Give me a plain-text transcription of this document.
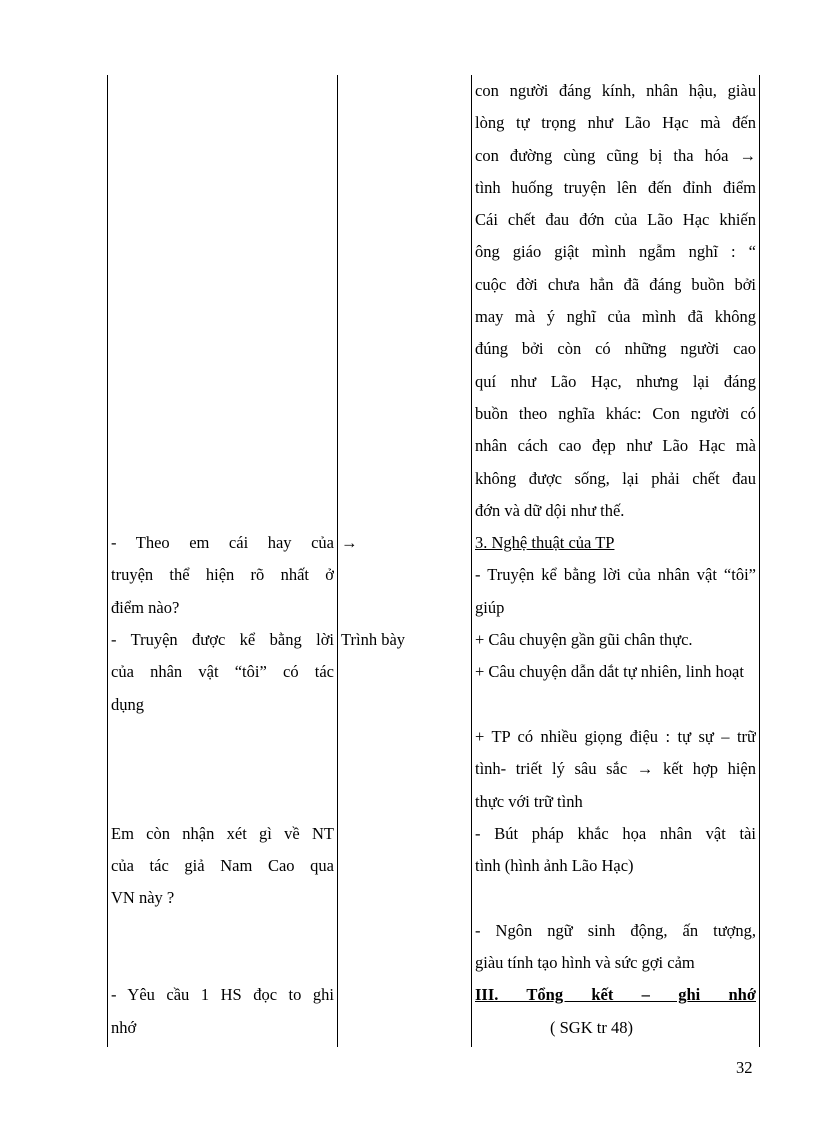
- Theo em cái hay của
truyện thể hiện rõ nhất ở
điểm nào?
- Truyện được kể bằng lời
của nhân vật “tôi” có tác
dụng
Em còn nhận xét gì về NT
của tác giả Nam Cao qua
VN này ?
- Yêu cầu 1 HS đọc to ghi
nhớ
→
Trình bày
con người đáng kính, nhân hậu, giàu
lòng tự trọng như Lão Hạc mà đến
con đường cùng cũng bị tha hóa →
tình huống truyện lên đến đỉnh điểm
Cái chết đau đớn của Lão Hạc khiến
ông giáo giật mình ngẫm nghĩ : “
cuộc đời chưa hẳn đã đáng buồn bởi
may mà ý nghĩ của mình đã không
đúng bởi còn có những người cao
quí như Lão Hạc, nhưng lại đáng
buồn theo nghĩa khác: Con người có
nhân cách cao đẹp như Lão Hạc mà
không được sống, lại phải chết đau
đớn và dữ dội như thế.
3. Nghệ thuật của TP
- Truyện kể bằng lời của nhân vật “tôi”
giúp
+ Câu chuyện gần gũi chân thực.
+ Câu chuyện dẫn dắt tự nhiên, linh hoạt
+ TP có nhiều giọng điệu : tự sự – trữ
tình- triết lý sâu sắc → kết hợp hiện
thực với trữ tình
- Bút pháp khắc họa nhân vật tài
tình (hình ảnh Lão Hạc)
- Ngôn ngữ sinh động, ấn tượng,
giàu tính tạo hình và sức gợi cảm
III. Tổng kết – ghi nhớ
( SGK tr 48)
32
